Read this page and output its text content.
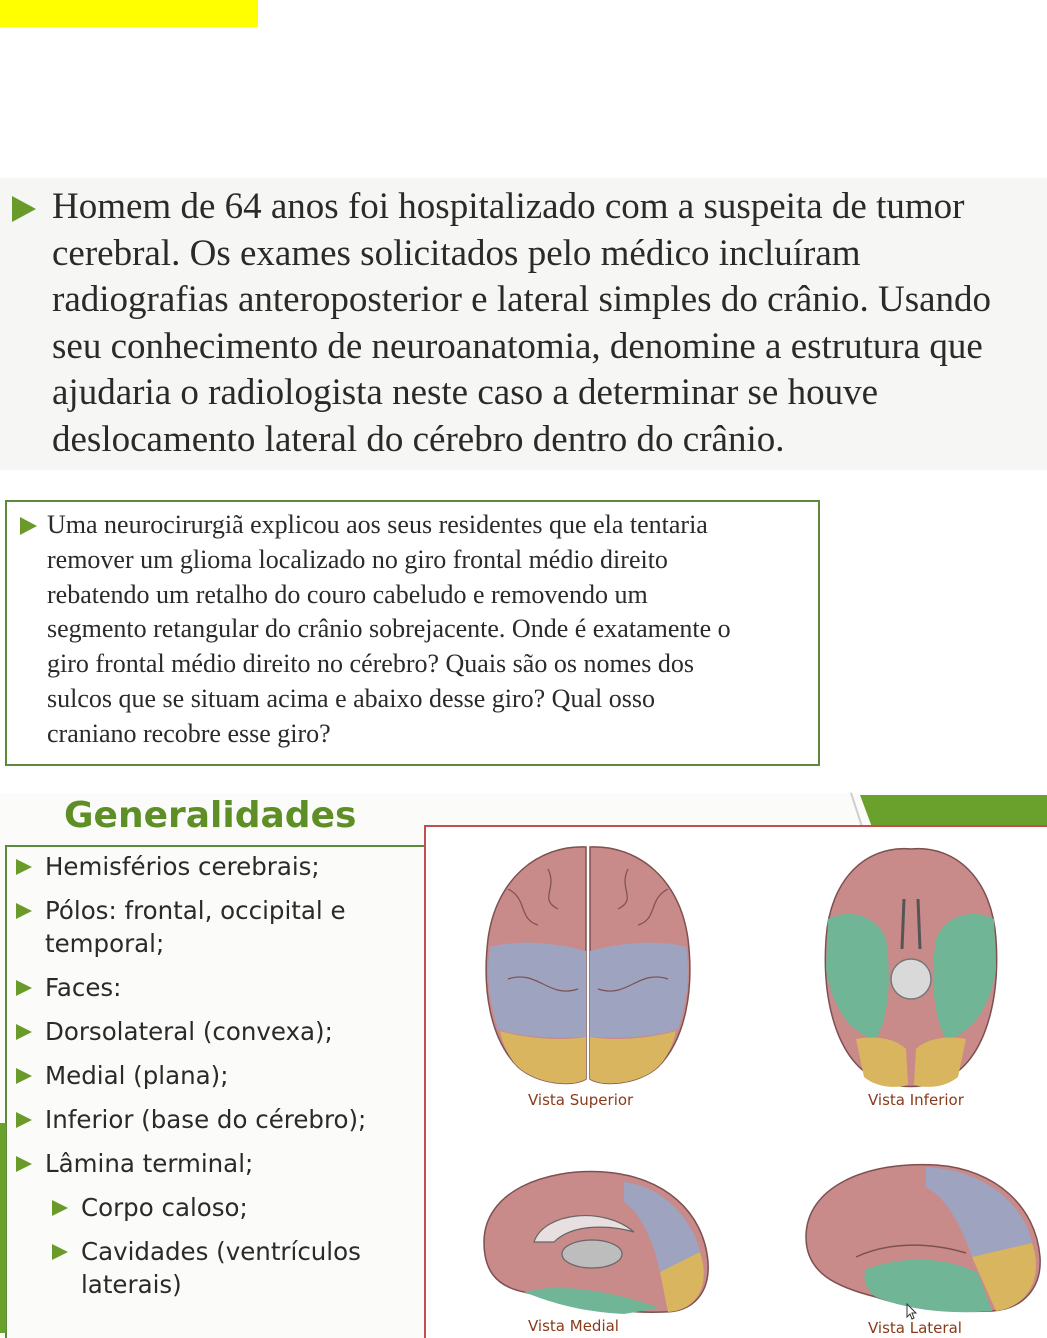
Homem de 64 anos foi hospitalizado com a suspeita de tumor
cerebral. Os exames solicitados pelo médico incluíram
radiografias anteroposterior e lateral simples do crânio. Usando
seu conhecimento de neuroanatomia, denomine a estrutura que
ajudaria o radiologista neste caso a determinar se houve
deslocamento lateral do cérebro dentro do crânio.
Uma neurocirurgiã explicou aos seus residentes que ela tentaria
remover um glioma localizado no giro frontal médio direito
rebatendo um retalho do couro cabeludo e removendo um
segmento retangular do crânio sobrejacente. Onde é exatamente o
giro frontal médio direito no cérebro? Quais são os nomes dos
sulcos que se situam acima e abaixo desse giro? Qual osso
craniano recobre esse giro?
Generalidades
Hemisférios cerebrais;
Pólos: frontal, occipital e temporal;
Faces:
Dorsolateral (convexa);
Medial (plana);
Inferior (base do cérebro);
Lâmina terminal;
Corpo caloso;
Cavidades (ventrículos laterais)
Vista Superior	Vista Inferior
Vista Medial	Vista Lateral
